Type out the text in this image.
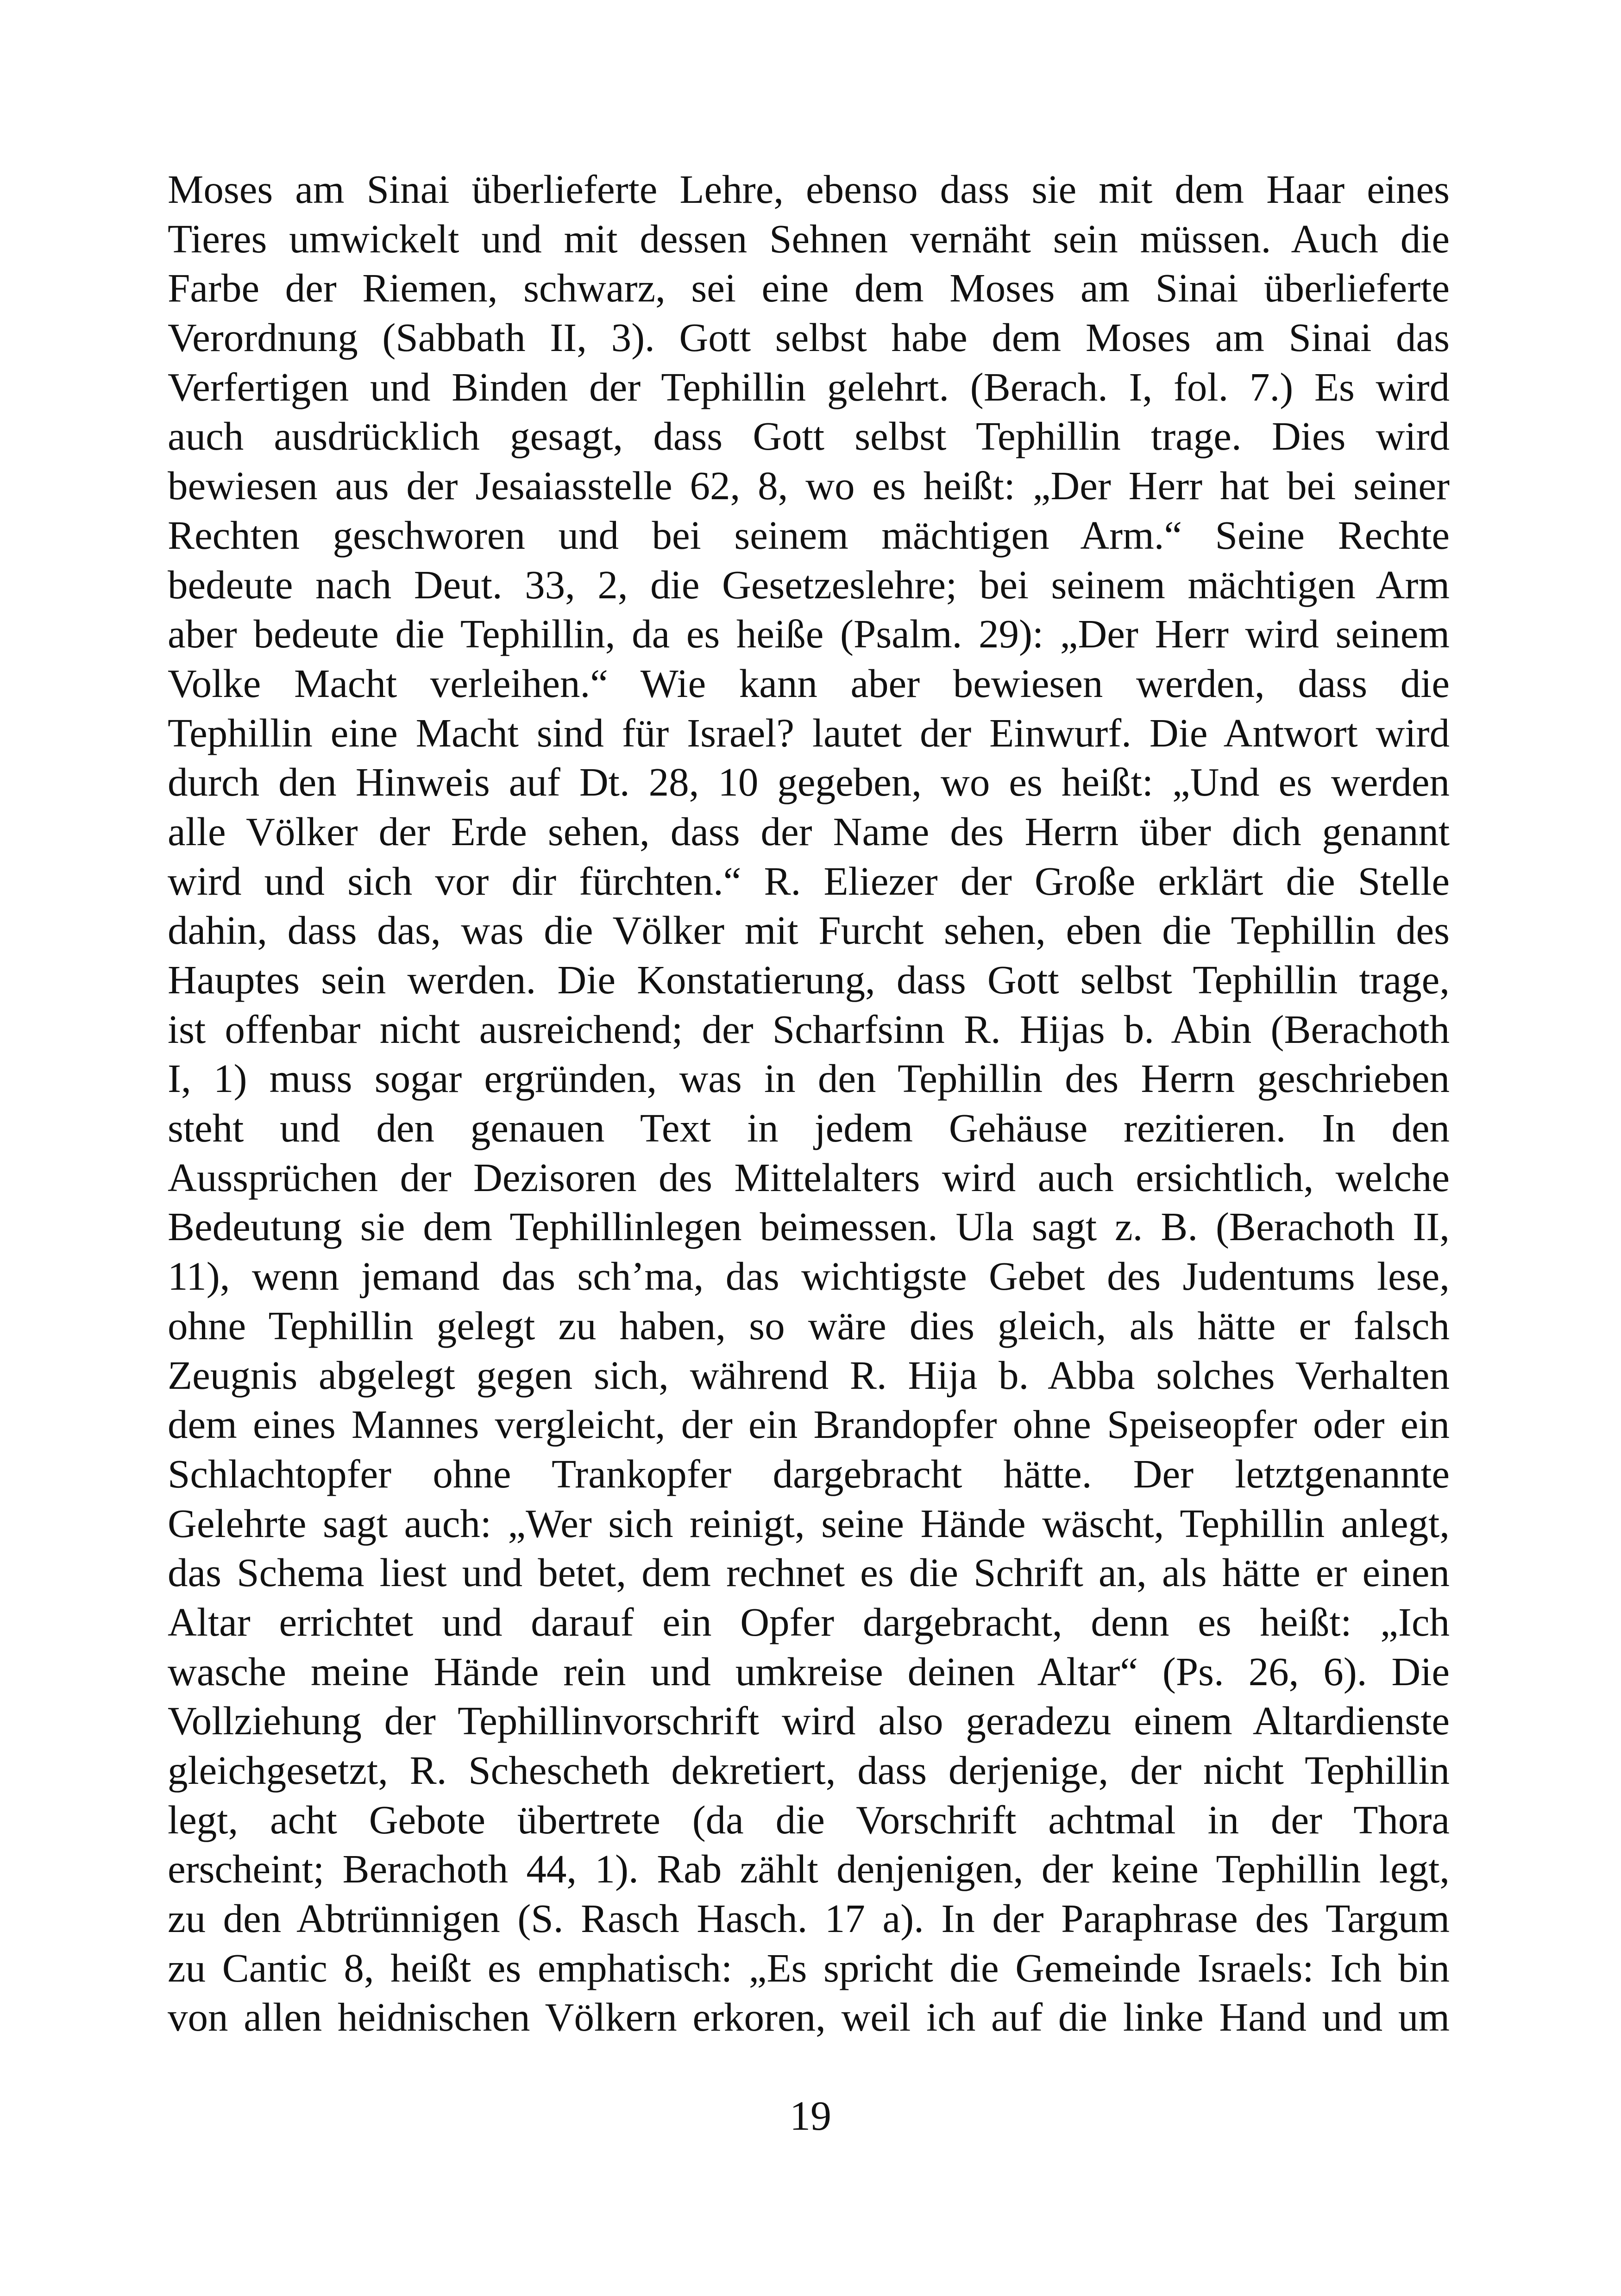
Moses am Sinai überlieferte Lehre, ebenso dass sie mit dem Haar eines
Tieres umwickelt und mit dessen Sehnen vernäht sein müssen. Auch die
Farbe der Riemen, schwarz, sei eine dem Moses am Sinai überlieferte
Verordnung (Sabbath II, 3). Gott selbst habe dem Moses am Sinai das
Verfertigen und Binden der Tephillin gelehrt. (Berach. I, fol. 7.) Es wird
auch ausdrücklich gesagt, dass Gott selbst Tephillin trage. Dies wird
bewiesen aus der Jesaiasstelle 62, 8, wo es heißt: „Der Herr hat bei seiner
Rechten geschworen und bei seinem mächtigen Arm.“ Seine Rechte
bedeute nach Deut. 33, 2, die Gesetzeslehre; bei seinem mächtigen Arm
aber bedeute die Tephillin, da es heiße (Psalm. 29): „Der Herr wird seinem
Volke Macht verleihen.“ Wie kann aber bewiesen werden, dass die
Tephillin eine Macht sind für Israel? lautet der Einwurf. Die Antwort wird
durch den Hinweis auf Dt. 28, 10 gegeben, wo es heißt: „Und es werden
alle Völker der Erde sehen, dass der Name des Herrn über dich genannt
wird und sich vor dir fürchten.“ R. Eliezer der Große erklärt die Stelle
dahin, dass das, was die Völker mit Furcht sehen, eben die Tephillin des
Hauptes sein werden. Die Konstatierung, dass Gott selbst Tephillin trage,
ist offenbar nicht ausreichend; der Scharfsinn R. Hijas b. Abin (Berachoth
I, 1) muss sogar ergründen, was in den Tephillin des Herrn geschrieben
steht und den genauen Text in jedem Gehäuse rezitieren. In den
Aussprüchen der Dezisoren des Mittelalters wird auch ersichtlich, welche
Bedeutung sie dem Tephillinlegen beimessen. Ula sagt z. B. (Berachoth II,
11), wenn jemand das sch’ma, das wichtigste Gebet des Judentums lese,
ohne Tephillin gelegt zu haben, so wäre dies gleich, als hätte er falsch
Zeugnis abgelegt gegen sich, während R. Hija b. Abba solches Verhalten
dem eines Mannes vergleicht, der ein Brandopfer ohne Speiseopfer oder ein
Schlachtopfer ohne Trankopfer dargebracht hätte. Der letztgenannte
Gelehrte sagt auch: „Wer sich reinigt, seine Hände wäscht, Tephillin anlegt,
das Schema liest und betet, dem rechnet es die Schrift an, als hätte er einen
Altar errichtet und darauf ein Opfer dargebracht, denn es heißt: „Ich
wasche meine Hände rein und umkreise deinen Altar“ (Ps. 26, 6). Die
Vollziehung der Tephillinvorschrift wird also geradezu einem Altardienste
gleichgesetzt, R. Schescheth dekretiert, dass derjenige, der nicht Tephillin
legt, acht Gebote übertrete (da die Vorschrift achtmal in der Thora
erscheint; Berachoth 44, 1). Rab zählt denjenigen, der keine Tephillin legt,
zu den Abtrünnigen (S. Rasch Hasch. 17 a). In der Paraphrase des Targum
zu Cantic 8, heißt es emphatisch: „Es spricht die Gemeinde Israels: Ich bin
von allen heidnischen Völkern erkoren, weil ich auf die linke Hand und um
19
